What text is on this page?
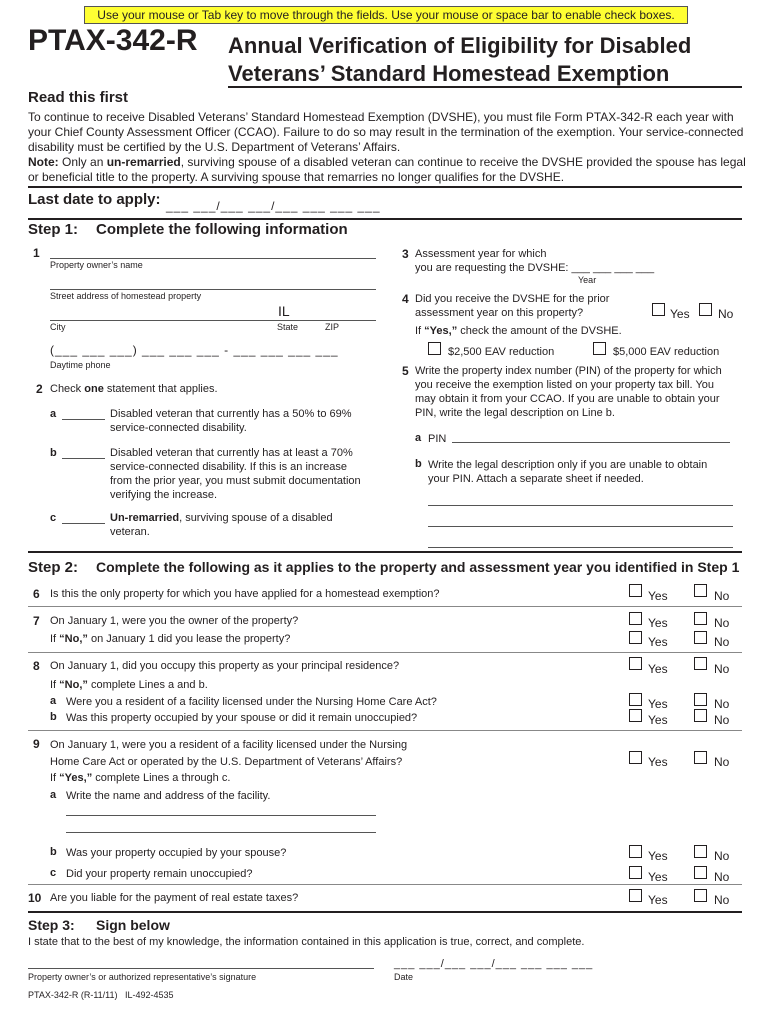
Use your mouse or Tab key to move through the fields. Use your mouse or space bar to enable check boxes.
PTAX-342-R Annual Verification of Eligibility for Disabled
Veterans’ Standard Homestead Exemption
Read this first
To continue to receive Disabled Veterans’ Standard Homestead Exemption (DVSHE), you must file Form PTAX-342-R each year with
your Chief County Assessment Officer (CCAO). Failure to do so may result in the termination of the exemption. Your service-connected
disability must be certified by the U.S. Department of Veterans’ Affairs.
Note: Only an un-remarried, surviving spouse of a disabled veteran can continue to receive the DVSHE provided the spouse has legal
or beneficial title to the property. A surviving spouse that remarries no longer qualifies for the DVSHE.
Last date to apply: ___ ___/___ ___/___ ___ ___ ___
Step 1: Complete the following information
1
Property owner’s name
Street address of homestead property
IL
City	State	ZIP
(___ ___ ___) ___ ___ ___ - ___ ___ ___ ___
Daytime phone
2 Check one statement that applies.
a	Disabled veteran that currently has a 50% to 69%
service-connected disability.
b	Disabled veteran that currently has at least a 70%
service-connected disability. If this is an increase
from the prior year, you must submit documentation
verifying the increase.
c	Un-remarried, surviving spouse of a disabled
veteran.
3 Assessment year for which
you are requesting the DVSHE: ___ ___ ___ ___
Year
4 Did you receive the DVSHE for the prior
assessment year on this property?	Yes No
If “Yes,” check the amount of the DVSHE.
$2,500 EAV reduction	$5,000 EAV reduction
5 Write the property index number (PIN) of the property for which
you receive the exemption listed on your property tax bill. You
may obtain it from your CCAO. If you are unable to obtain your
PIN, write the legal description on Line b.
a PIN
b Write the legal description only if you are unable to obtain
your PIN. Attach a separate sheet if needed.
Step 2: Complete the following as it applies to the property and assessment year you identified in Step 1
6 Is this the only property for which you have applied for a homestead exemption?	Yes	No
7 On January 1, were you the owner of the property?	Yes	No
If “No,” on January 1 did you lease the property?	Yes	No
8 On January 1, did you occupy this property as your principal residence?	Yes	No
If “No,” complete Lines a and b.
a Were you a resident of a facility licensed under the Nursing Home Care Act?	Yes	No
b Was this property occupied by your spouse or did it remain unoccupied?	Yes	No
9 On January 1, were you a resident of a facility licensed under the Nursing
Home Care Act or operated by the U.S. Department of Veterans’ Affairs?	Yes	No
If “Yes,” complete Lines a through c.
a Write the name and address of the facility.
b Was your property occupied by your spouse?	Yes	No
c Did your property remain unoccupied?	Yes	No
10 Are you liable for the payment of real estate taxes?	Yes	No
Step 3: Sign below
I state that to the best of my knowledge, the information contained in this application is true, correct, and complete.
___ ___/___ ___/___ ___ ___ ___
Property owner’s or authorized representative’s signature	Date
PTAX-342-R (R-11/11)   IL-492-4535
